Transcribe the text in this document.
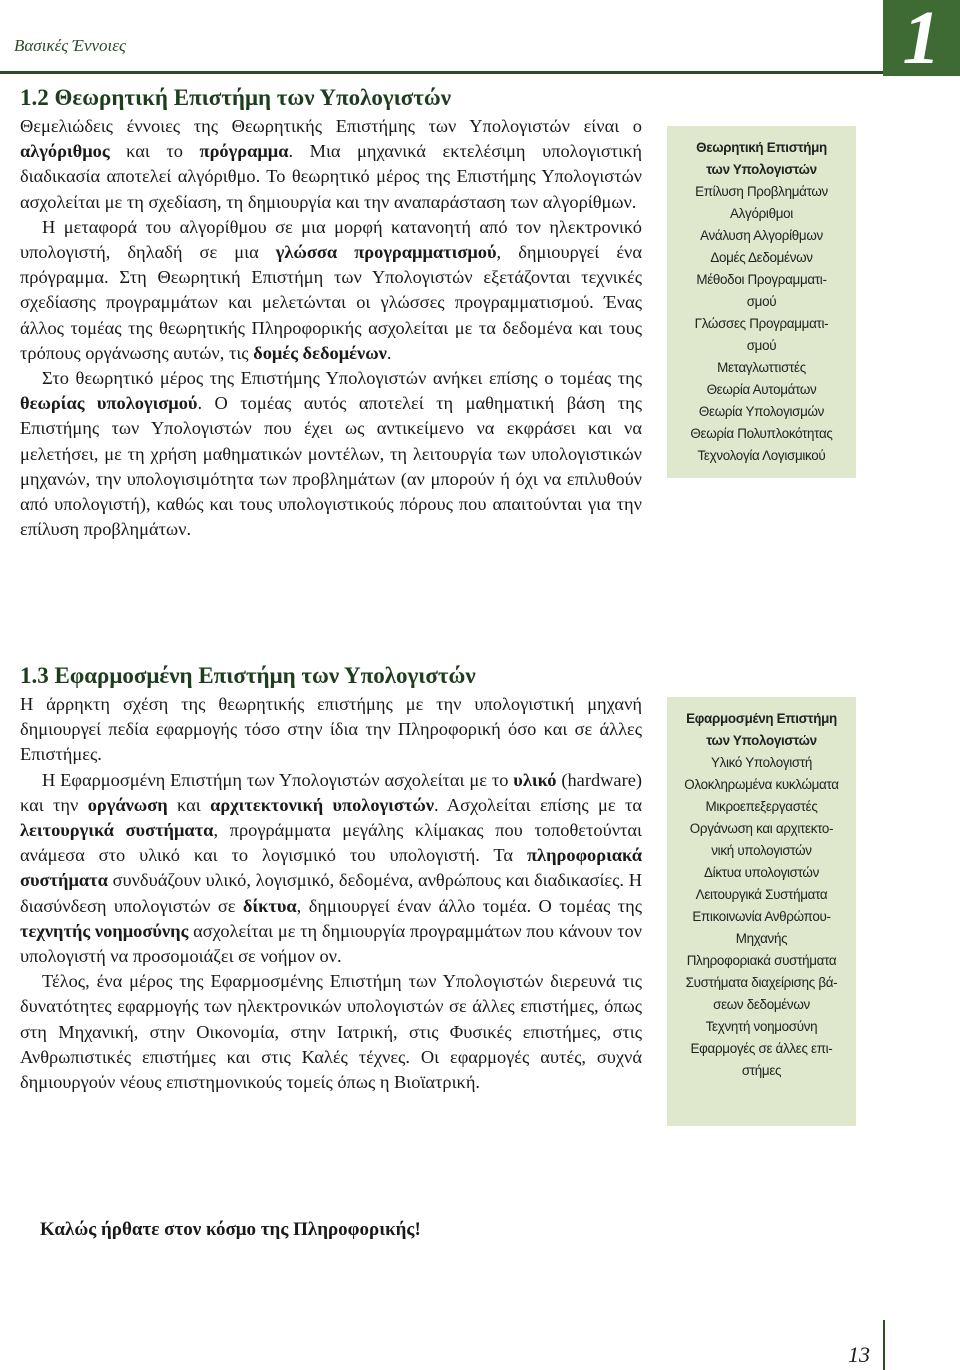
Βασικές Έννοιες	1
1.2 Θεωρητική Επιστήμη των Υπολογιστών

Θεμελιώδεις έννοιες της Θεωρητικής Επιστήμης των Υπολογιστών είναι ο αλγόριθμος και το πρόγραμμα. Μια μηχανικά εκτελέσιμη υπολογιστική διαδικασία αποτελεί αλγόριθμο. Το θεωρητικό μέρος της Επιστήμης Υπολογιστών ασχολείται με τη σχεδίαση, τη δημιουργία και την αναπαράσταση των αλγορίθμων.

Η μεταφορά του αλγορίθμου σε μια μορφή κατανοητή από τον ηλεκτρονικό υπολογιστή, δηλαδή σε μια γλώσσα προγραμματισμού, δημιουργεί ένα πρόγραμμα. Στη Θεωρητική Επιστήμη των Υπολογιστών εξετάζονται τεχνικές σχεδίασης προγραμμάτων και μελετώνται οι γλώσσες προγραμματισμού. Ένας άλλος τομέας της θεωρητικής Πληροφορικής ασχολείται με τα δεδομένα και τους τρόπους οργάνωσης αυτών, τις δομές δεδομένων.

Στο θεωρητικό μέρος της Επιστήμης Υπολογιστών ανήκει επίσης ο τομέας της θεωρίας υπολογισμού. Ο τομέας αυτός αποτελεί τη μαθηματική βάση της Επιστήμης των Υπολογιστών που έχει ως αντικείμενο να εκφράσει και να μελετήσει, με τη χρήση μαθηματικών μοντέλων, τη λειτουργία των υπολογιστικών μηχανών, την υπολογισιμότητα των προβλημάτων (αν μπορούν ή όχι να επιλυθούν από υπολογιστή), καθώς και τους υπολογιστικούς πόρους που απαιτούνται για την επίλυση προβλημάτων.

1.3 Εφαρμοσμένη Επιστήμη των Υπολογιστών

Η άρρηκτη σχέση της θεωρητικής επιστήμης με την υπολογιστική μηχανή δημιουργεί πεδία εφαρμογής τόσο στην ίδια την Πληροφορική όσο και σε άλλες Επιστήμες.

Η Εφαρμοσμένη Επιστήμη των Υπολογιστών ασχολείται με το υλικό (hardware) και την οργάνωση και αρχιτεκτονική υπολογιστών. Ασχολείται επίσης με τα λειτουργικά συστήματα, προγράμματα μεγάλης κλίμακας που τοποθετούνται ανάμεσα στο υλικό και το λογισμικό του υπολογιστή. Τα πληροφοριακά συστήματα συνδυάζουν υλικό, λογισμικό, δεδομένα, ανθρώπους και διαδικασίες. Η διασύνδεση υπολογιστών σε δίκτυα, δημιουργεί έναν άλλο τομέα. Ο τομέας της τεχνητής νοημοσύνης ασχολείται με τη δημιουργία προγραμμάτων που κάνουν τον υπολογιστή να προσομοιάζει σε νοήμον ον.

Τέλος, ένα μέρος της Εφαρμοσμένης Επιστήμη των Υπολογιστών διερευνά τις δυνατότητες εφαρμογής των ηλεκτρονικών υπολογιστών σε άλλες επιστήμες, όπως στη Μηχανική, στην Οικονομία, στην Ιατρική, στις Φυσικές επιστήμες, στις Ανθρωπιστικές επιστήμες και στις Καλές τέχνες. Οι εφαρμογές αυτές, συχνά δημιουργούν νέους επιστημονικούς τομείς όπως η Βιοϊατρική.

Θεωρητική Επιστήμη
των Υπολογιστών
Επίλυση Προβλημάτων
Αλγόριθμοι
Ανάλυση Αλγορίθμων
Δομές Δεδομένων
Μέθοδοι Προγραμματι-
σμού
Γλώσσες Προγραμματι-
σμού
Μεταγλωττιστές
Θεωρία Αυτομάτων
Θεωρία Υπολογισμών
Θεωρία Πολυπλοκότητας
Τεχνολογία Λογισμικού
Εφαρμοσμένη Επιστήμη
των Υπολογιστών
Υλικό Υπολογιστή
Ολοκληρωμένα κυκλώματα
Μικροεπεξεργαστές
Οργάνωση και αρχιτεκτο-
νική υπολογιστών
Δίκτυα υπολογιστών
Λειτουργικά Συστήματα
Επικοινωνία Ανθρώπου-
Μηχανής
Πληροφοριακά συστήματα
Συστήματα διαχείρισης βά-
σεων δεδομένων
Τεχνητή νοημοσύνη
Εφαρμογές σε άλλες επι-
στήμες
Καλώς ήρθατε στον κόσμο της Πληροφορικής!
13
